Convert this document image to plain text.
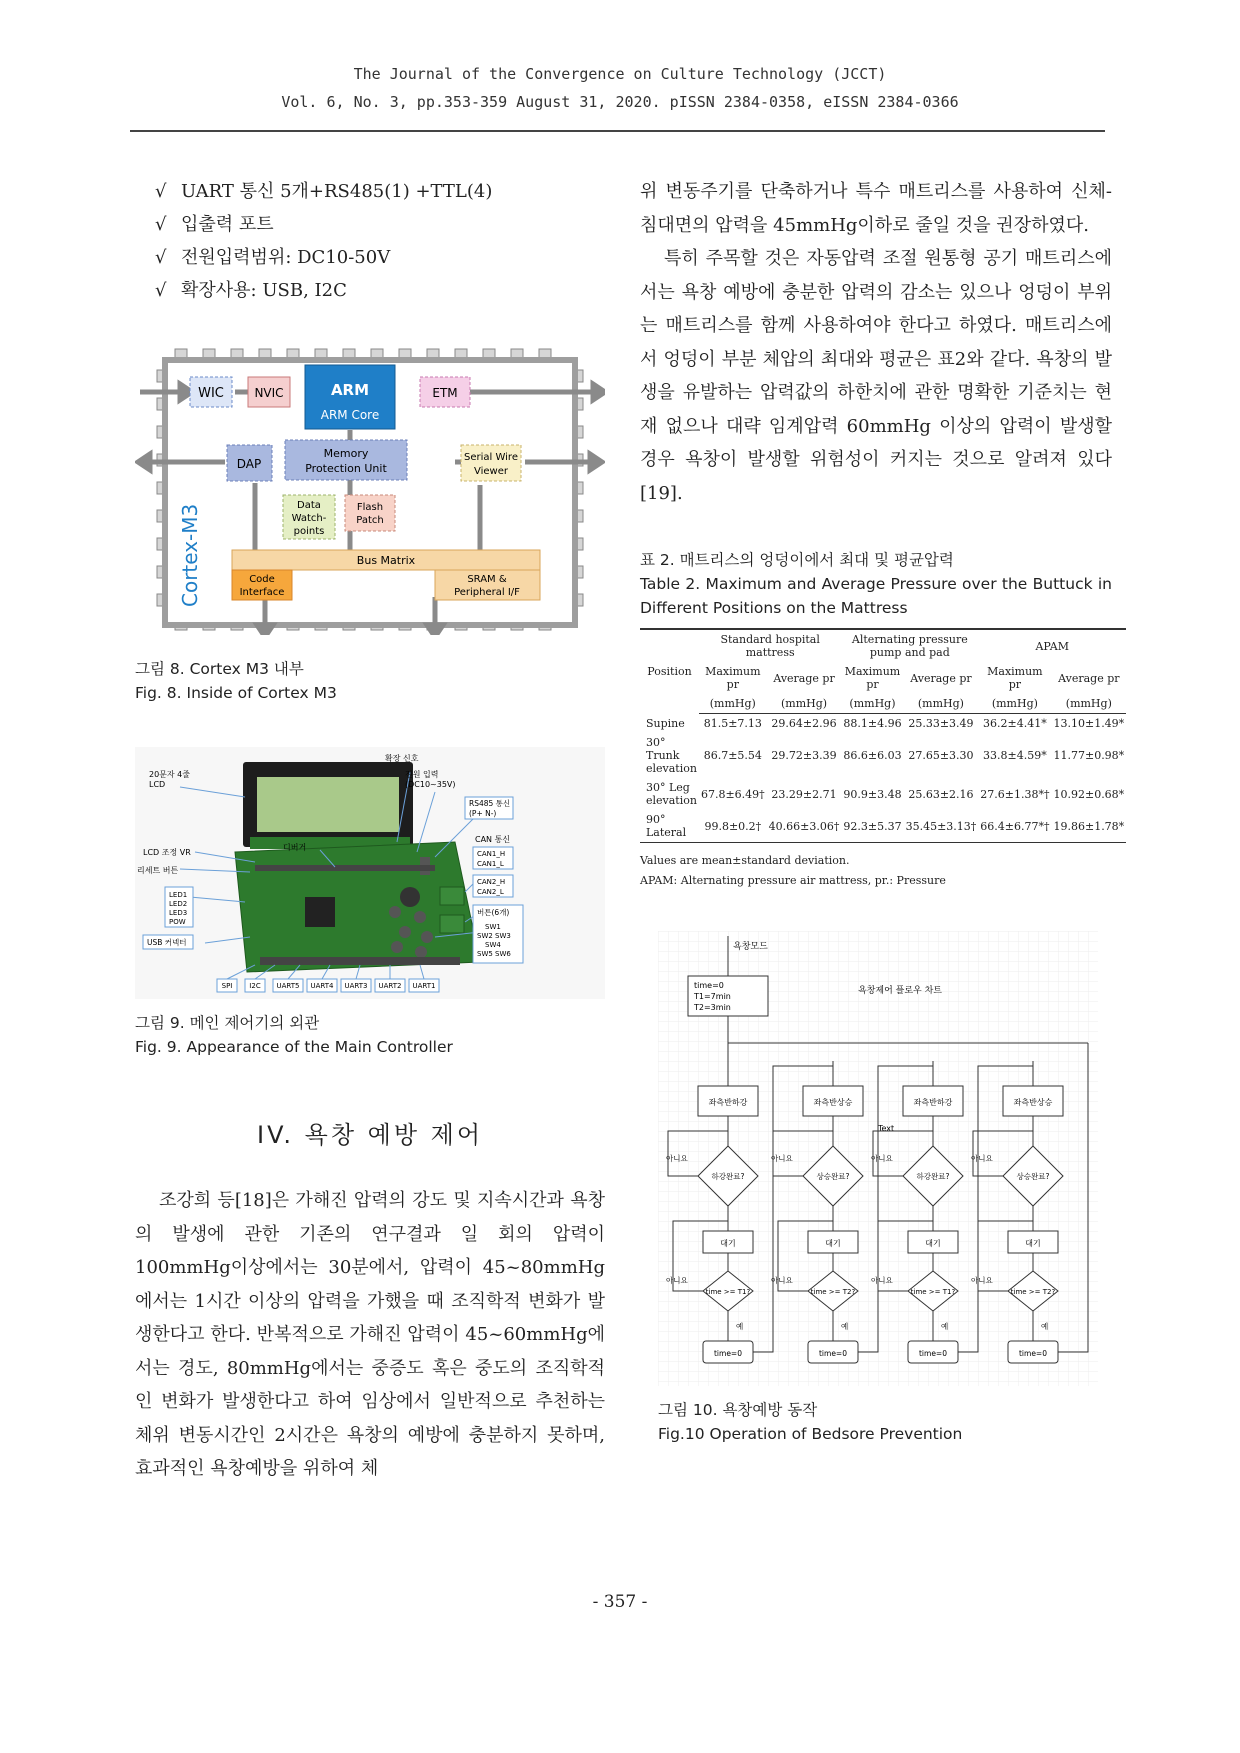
The Journal of the Convergence on Culture Technology (JCCT)
Vol. 6, No. 3, pp.353-359 August 31, 2020. pISSN 2384-0358, eISSN 2384-0366
√ UART 통신 5개+RS485(1) +TTL(4)
√ 입출력 포트
√ 전원입력범위: DC10-50V
√ 확장사용: USB, I2C
WIC	NVIC	ARM
ARM Core
ETM
DAP
Memory
Protection Unit
Serial Wire
Viewer
Data
Watch-
points
Flash
Patch
Bus Matrix
Code
Interface
SRAM &
Peripheral I/F
Cortex-M3
그림 8. Cortex M3 내부
Fig. 8. Inside of Cortex M3
20문자 4줄
LCD
확장 신호
전원 입력
(DC10~35V)
RS485 통신
(P+ N-)
디버거
CAN 통신
CAN1_H
CAN1_L
CAN2_H
CAN2_L
LCD 조정 VR
리세트 버튼
LED1
LED2
LED3
POW
USB 커넥터
버튼(6개)
SW1
SW2 SW3
SW4
SW5 SW6
SPI I2C UART5 UART4 UART3 UART2 UART1
그림 9. 메인 제어기의 외관
Fig. 9. Appearance of the Main Controller
IV. 욕창 예방 제어

조강희 등[18]은 가해진 압력의 강도 및 지속시간과 욕창의 발생에 관한 기존의 연구결과 일 회의 압력이 100mmHg이상에서는 30분에서, 압력이 45~80mmHg에서는 1시간 이상의 압력을 가했을 때 조직학적 변화가 발생한다고 한다. 반복적으로 가해진 압력이 45~60mmHg에서는 경도, 80mmHg에서는 중증도 혹은 중도의 조직학적인 변화가 발생한다고 하여 임상에서 일반적으로 추천하는 체위 변동시간인 2시간은 욕창의 예방에 충분하지 못하며, 효과적인 욕창예방을 위하여 체

위 변동주기를 단축하거나 특수 매트리스를 사용하여 신체-침대면의 압력을 45mmHg이하로 줄일 것을 권장하였다.

특히 주목할 것은 자동압력 조절 원통형 공기 매트리스에서는 욕창 예방에 충분한 압력의 감소는 있으나 엉덩이 부위는 매트리스를 함께 사용하여야 한다고 하였다. 매트리스에서 엉덩이 부분 체압의 최대와 평균은 표2와 같다. 욕창의 발생을 유발하는 압력값의 하한치에 관한 명확한 기준치는 현재 없으나 대략 임계압력 60mmHg 이상의 압력이 발생할 경우 욕창이 발생할 위험성이 커지는 것으로 알려져 있다[19].

표 2. 매트리스의 엉덩이에서 최대 및 평균압력
Table 2. Maximum and Average Pressure over the Buttuck in Different Positions on the Mattress
Position	Standard hospital mattress		Alternating pressure pump and pad		APAM	
	Maximum pr	Average pr	Maximum pr	Average pr	Maximum pr	Average pr
	(mmHg)	(mmHg)	(mmHg)	(mmHg)	(mmHg)	(mmHg)
Supine	81.5±7.13	29.64±2.96	88.1±4.96	25.33±3.49	36.2±4.41*	13.10±1.49*
30° Trunk elevation	86.7±5.54	29.72±3.39	86.6±6.03	27.65±3.30	33.8±4.59*	11.77±0.98*
30° Leg elevation	67.8±6.49†	23.29±2.71	90.9±3.48	25.63±2.16	27.6±1.38*†	10.92±0.68*
90° Lateral	99.8±0.2†	40.66±3.06†	92.3±5.37	35.45±3.13†	66.4±6.77*†	19.86±1.78*
Values are mean±standard deviation.
APAM: Alternating pressure air mattress, pr.: Pressure
욕창모드
time=0
T1=7min
T2=3min
욕창제어 플로우 차트
Text
좌측반하강
하강완료?
아니요
대기
time >= T1?
아니요
예
time=0
좌측반상승
상승완료?
아니요
대기
time >= T2?
아니요
예
time=0
좌측반하강
하강완료?
아니요
대기
time >= T1?
아니요
예
time=0
좌측반상승
상승완료?
아니요
대기
time >= T2?
아니요
예
time=0
그림 10. 욕창예방 동작
Fig.10 Operation of Bedsore Prevention
- 357 -
